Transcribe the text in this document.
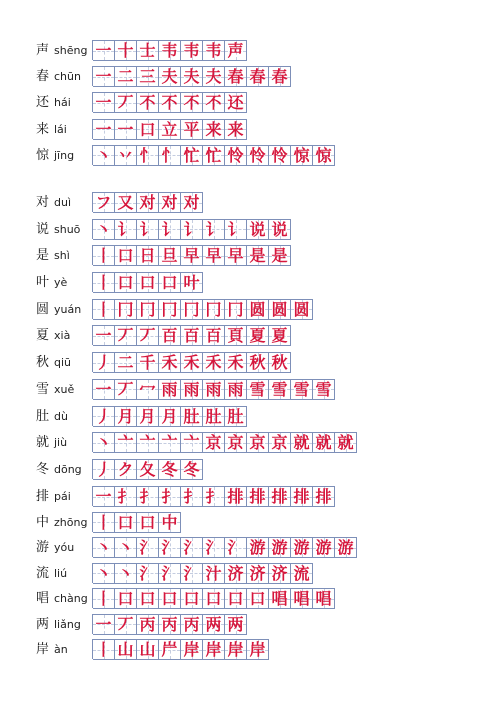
声 shēng 一 十 士 韦 韦 韦 声
春 chūn 一 二 三 夫 夫 夫 春 春 春
还 hái 一 丆 不 不 不 不 还
来 lái 一 一 口 立 平 来 来
惊 jīng 丶 丷 忄 忄 忙 忙 怜 怜 怜 惊 惊
对 duì フ 又 对 对 对
说 shuō 丶 讠 讠 讠 讠 讠 讠 说 说
是 shì 丨 口 日 旦 早 早 早 是 是
叶 yè 丨 口 口 口 叶
圆 yuán 丨 冂 冂 冂 冂 冂 冂 圆 圆 圆
夏 xià 一 丆 丆 百 百 百 頁 夏 夏
秋 qiū 丿 二 千 禾 禾 禾 禾 秋 秋
雪 xuě 一 丆 冖 雨 雨 雨 雨 雪 雪 雪 雪
肚 dù 丿 月 月 月 肚 肚 肚
就 jiù 丶 亠 亠 亠 亠 京 京 京 京 就 就 就
冬 dōng 丿 ク 夂 冬 冬
排 pái 一 扌 扌 扌 扌 扌 排 排 排 排 排
中 zhōng 丨 口 口 中
游 yóu 丶 丶 氵 氵 氵 氵 氵 游 游 游 游 游
流 liú 丶 丶 氵 氵 氵 汁 济 济 济 流
唱 chàng 丨 口 口 口 口 口 口 口 唱 唱 唱
两 liǎng 一 丆 丙 丙 丙 两 两
岸 àn 丨 山 山 屵 岸 岸 岸 岸
